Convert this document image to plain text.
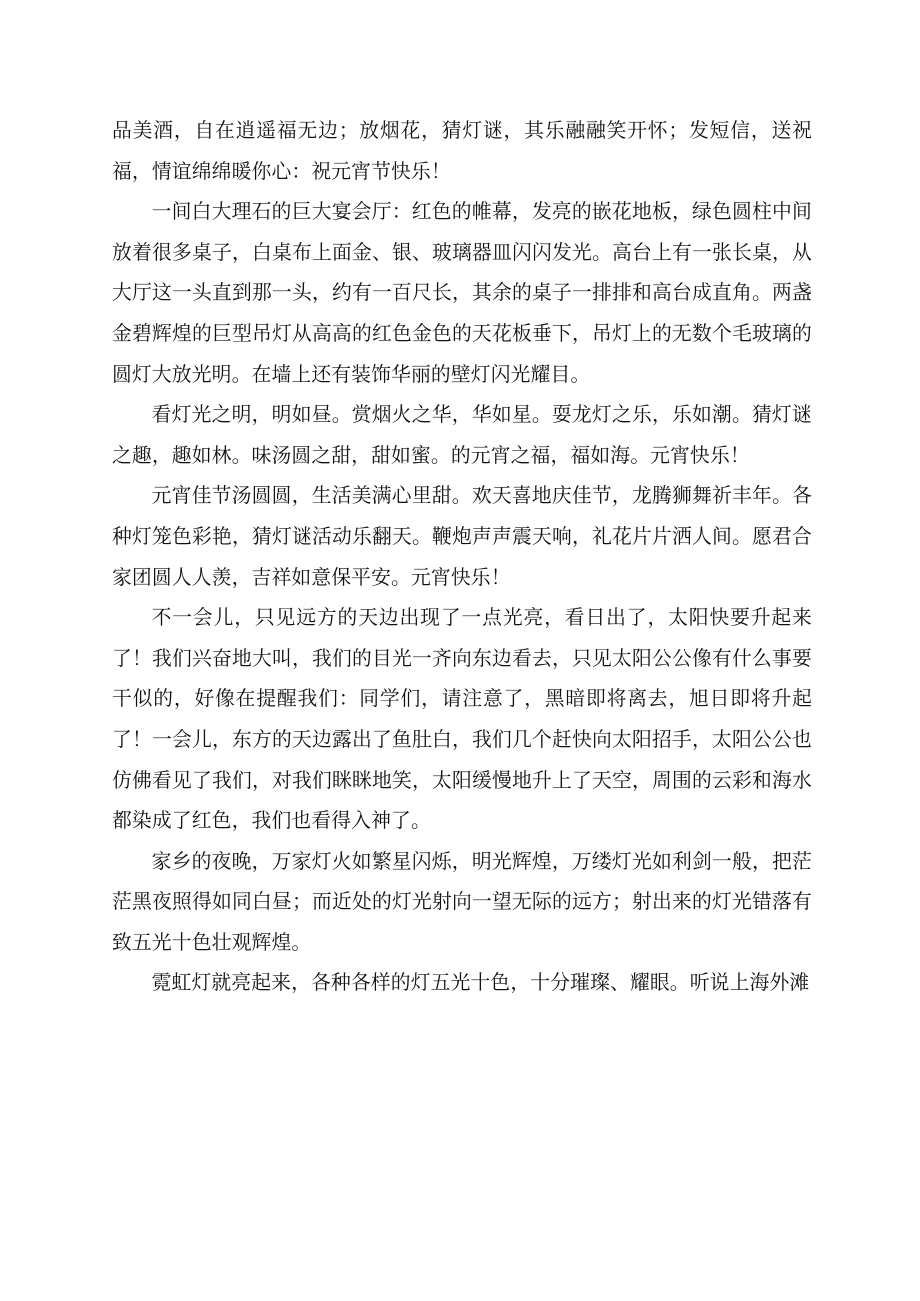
品美酒，自在逍遥福无边；放烟花，猜灯谜，其乐融融笑开怀；发短信，送祝福，情谊绵绵暖你心：祝元宵节快乐！

一间白大理石的巨大宴会厅：红色的帷幕，发亮的嵌花地板，绿色圆柱中间放着很多桌子，白桌布上面金、银、玻璃器皿闪闪发光。高台上有一张长桌，从大厅这一头直到那一头，约有一百尺长，其余的桌子一排排和高台成直角。两盏金碧辉煌的巨型吊灯从高高的红色金色的天花板垂下，吊灯上的无数个毛玻璃的圆灯大放光明。在墙上还有装饰华丽的壁灯闪光耀目。

看灯光之明，明如昼。赏烟火之华，华如星。耍龙灯之乐，乐如潮。猜灯谜之趣，趣如林。味汤圆之甜，甜如蜜。的元宵之福，福如海。元宵快乐！

元宵佳节汤圆圆，生活美满心里甜。欢天喜地庆佳节，龙腾狮舞祈丰年。各种灯笼色彩艳，猜灯谜活动乐翻天。鞭炮声声震天响，礼花片片洒人间。愿君合家团圆人人羡，吉祥如意保平安。元宵快乐！

不一会儿，只见远方的天边出现了一点光亮，看日出了，太阳快要升起来了！我们兴奋地大叫，我们的目光一齐向东边看去，只见太阳公公像有什么事要干似的，好像在提醒我们：同学们，请注意了，黑暗即将离去，旭日即将升起了！一会儿，东方的天边露出了鱼肚白，我们几个赶快向太阳招手，太阳公公也仿佛看见了我们，对我们眯眯地笑，太阳缓慢地升上了天空，周围的云彩和海水都染成了红色，我们也看得入神了。

家乡的夜晚，万家灯火如繁星闪烁，明光辉煌，万缕灯光如利剑一般，把茫茫黑夜照得如同白昼；而近处的灯光射向一望无际的远方；射出来的灯光错落有致五光十色壮观辉煌。

霓虹灯就亮起来，各种各样的灯五光十色，十分璀璨、耀眼。听说上海外滩
